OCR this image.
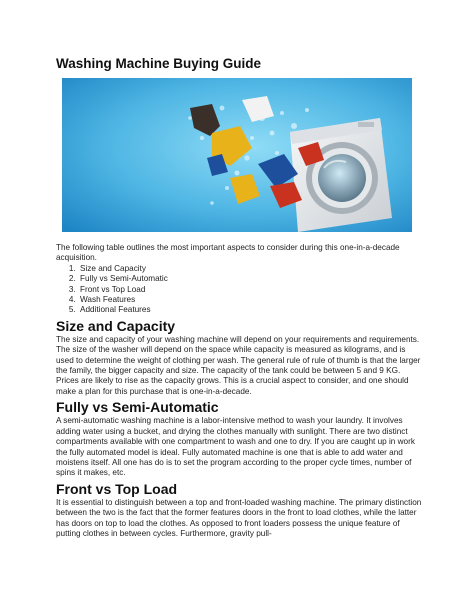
Washing Machine Buying Guide

The following table outlines the most important aspects to consider during this one-in-a-decade acquisition.

1. Size and Capacity
2. Fully vs Semi-Automatic
3. Front vs Top Load
4. Wash Features
5. Additional Features
Size and Capacity

The size and capacity of your washing machine will depend on your requirements and requirements. The size of the washer will depend on the space while capacity is measured as kilograms, and is used to determine the weight of clothing per wash. The general rule of rule of thumb is that the larger the family, the bigger capacity and size. The capacity of the tank could be between 5 and 9 KG. Prices are likely to rise as the capacity grows. This is a crucial aspect to consider, and one should make a plan for this purchase that is one-in-a-decade.

Fully vs Semi-Automatic

A semi-automatic washing machine is a labor-intensive method to wash your laundry. It involves adding water using a bucket, and drying the clothes manually with sunlight. There are two distinct compartments available with one compartment to wash and one to dry. If you are caught up in work the fully automated model is ideal. Fully automated machine is one that is able to add water and moistens itself. All one has do is to set the program according to the proper cycle times, number of spins it makes, etc.

Front vs Top Load

It is essential to distinguish between a top and front-loaded washing machine. The primary distinction between the two is the fact that the former features doors in the front to load clothes, while the latter has doors on top to load the clothes. As opposed to front loaders possess the unique feature of putting clothes in between cycles. Furthermore, gravity pull-
